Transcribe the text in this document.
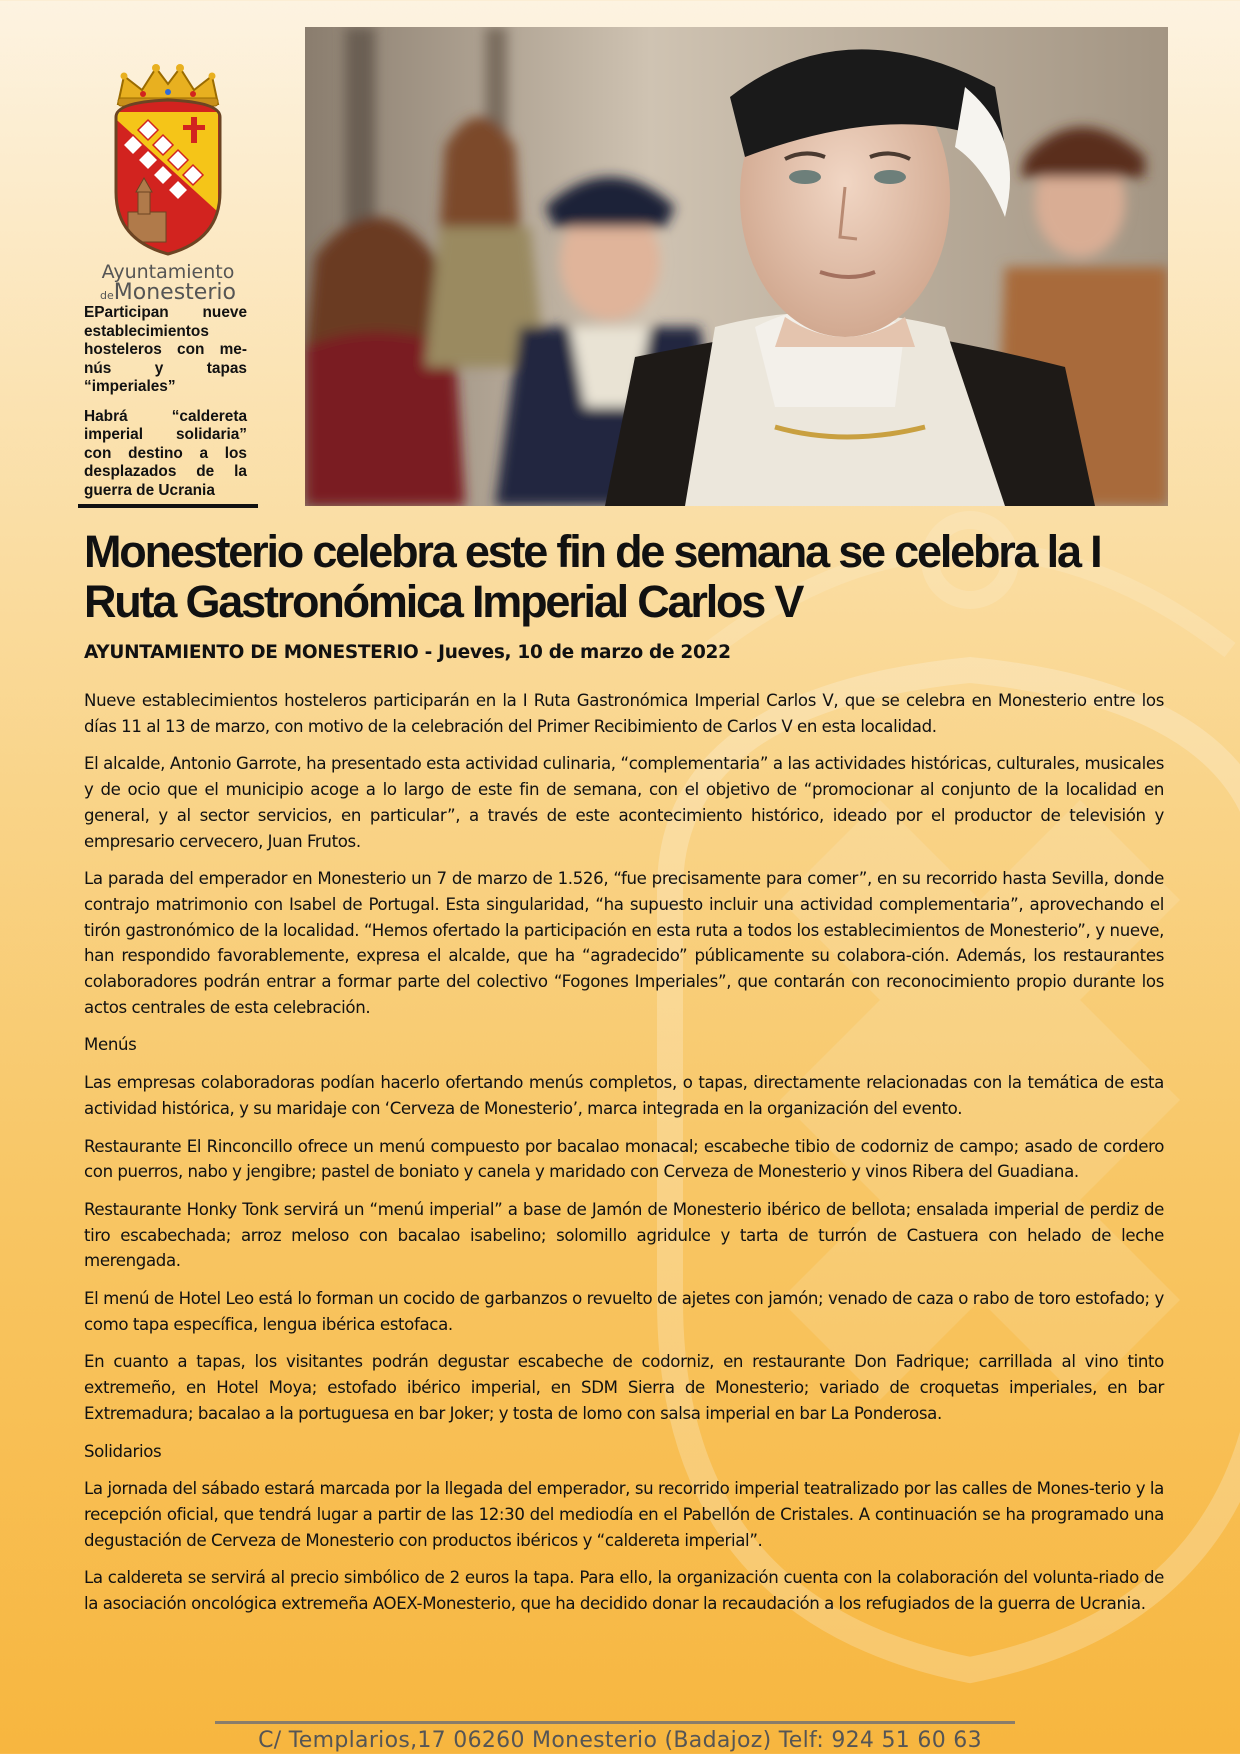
Ayuntamiento
deMonesterio

EParticipan nueve establecimientos hosteleros con me-nús y tapas “imperiales”

Habrá “caldereta imperial solidaria” con destino a los desplazados de la guerra de Ucrania

Monesterio celebra este fin de semana se celebra la I Ruta Gastronómica Imperial Carlos V

AYUNTAMIENTO DE MONESTERIO - Jueves, 10 de marzo de 2022

Nueve establecimientos hosteleros participarán en la I Ruta Gastronómica Imperial Carlos V, que se celebra en Monesterio entre los días 11 al 13 de marzo, con motivo de la celebración del Primer Recibimiento de Carlos V en esta localidad.

El alcalde, Antonio Garrote, ha presentado esta actividad culinaria, “complementaria” a las actividades históricas, culturales, musicales y de ocio que el municipio acoge a lo largo de este fin de semana, con el objetivo de “promocionar al conjunto de la localidad en general, y al sector servicios, en particular”, a través de este acontecimiento histórico, ideado por el productor de televisión y empresario cervecero, Juan Frutos.

La parada del emperador en Monesterio un 7 de marzo de 1.526, “fue precisamente para comer”, en su recorrido hasta Sevilla, donde contrajo matrimonio con Isabel de Portugal. Esta singularidad, “ha supuesto incluir una actividad complementaria”, aprovechando el tirón gastronómico de la localidad. “Hemos ofertado la participación en esta ruta a todos los establecimientos de Monesterio”, y nueve, han respondido favorablemente, expresa el alcalde, que ha “agradecido” públicamente su colabora-ción. Además, los restaurantes colaboradores podrán entrar a formar parte del colectivo “Fogones Imperiales”, que contarán con reconocimiento propio durante los actos centrales de esta celebración.

Menús

Las empresas colaboradoras podían hacerlo ofertando menús completos, o tapas, directamente relacionadas con la temática de esta actividad histórica, y su maridaje con ‘Cerveza de Monesterio’, marca integrada en la organización del evento.

Restaurante El Rinconcillo ofrece un menú compuesto por bacalao monacal; escabeche tibio de codorniz de campo; asado de cordero con puerros, nabo y jengibre; pastel de boniato y canela y maridado con Cerveza de Monesterio y vinos Ribera del Guadiana.

Restaurante Honky Tonk servirá un “menú imperial” a base de Jamón de Monesterio ibérico de bellota; ensalada imperial de perdiz de tiro escabechada; arroz meloso con bacalao isabelino; solomillo agridulce y tarta de turrón de Castuera con helado de leche merengada.

El menú de Hotel Leo está lo forman un cocido de garbanzos o revuelto de ajetes con jamón; venado de caza o rabo de toro estofado; y como tapa específica, lengua ibérica estofaca.

En cuanto a tapas, los visitantes podrán degustar escabeche de codorniz, en restaurante Don Fadrique; carrillada al vino tinto extremeño, en Hotel Moya; estofado ibérico imperial, en SDM Sierra de Monesterio; variado de croquetas imperiales, en bar Extremadura; bacalao a la portuguesa en bar Joker; y tosta de lomo con salsa imperial en bar La Ponderosa.

Solidarios

La jornada del sábado estará marcada por la llegada del emperador, su recorrido imperial teatralizado por las calles de Mones-terio y la recepción oficial, que tendrá lugar a partir de las 12:30 del mediodía en el Pabellón de Cristales. A continuación se ha programado una degustación de Cerveza de Monesterio con productos ibéricos y “caldereta imperial”.

La caldereta se servirá al precio simbólico de 2 euros la tapa. Para ello, la organización cuenta con la colaboración del volunta-riado de la asociación oncológica extremeña AOEX-Monesterio, que ha decidido donar la recaudación a los refugiados de la guerra de Ucrania.

C/ Templarios,17 06260 Monesterio (Badajoz) Telf: 924 51 60 63
